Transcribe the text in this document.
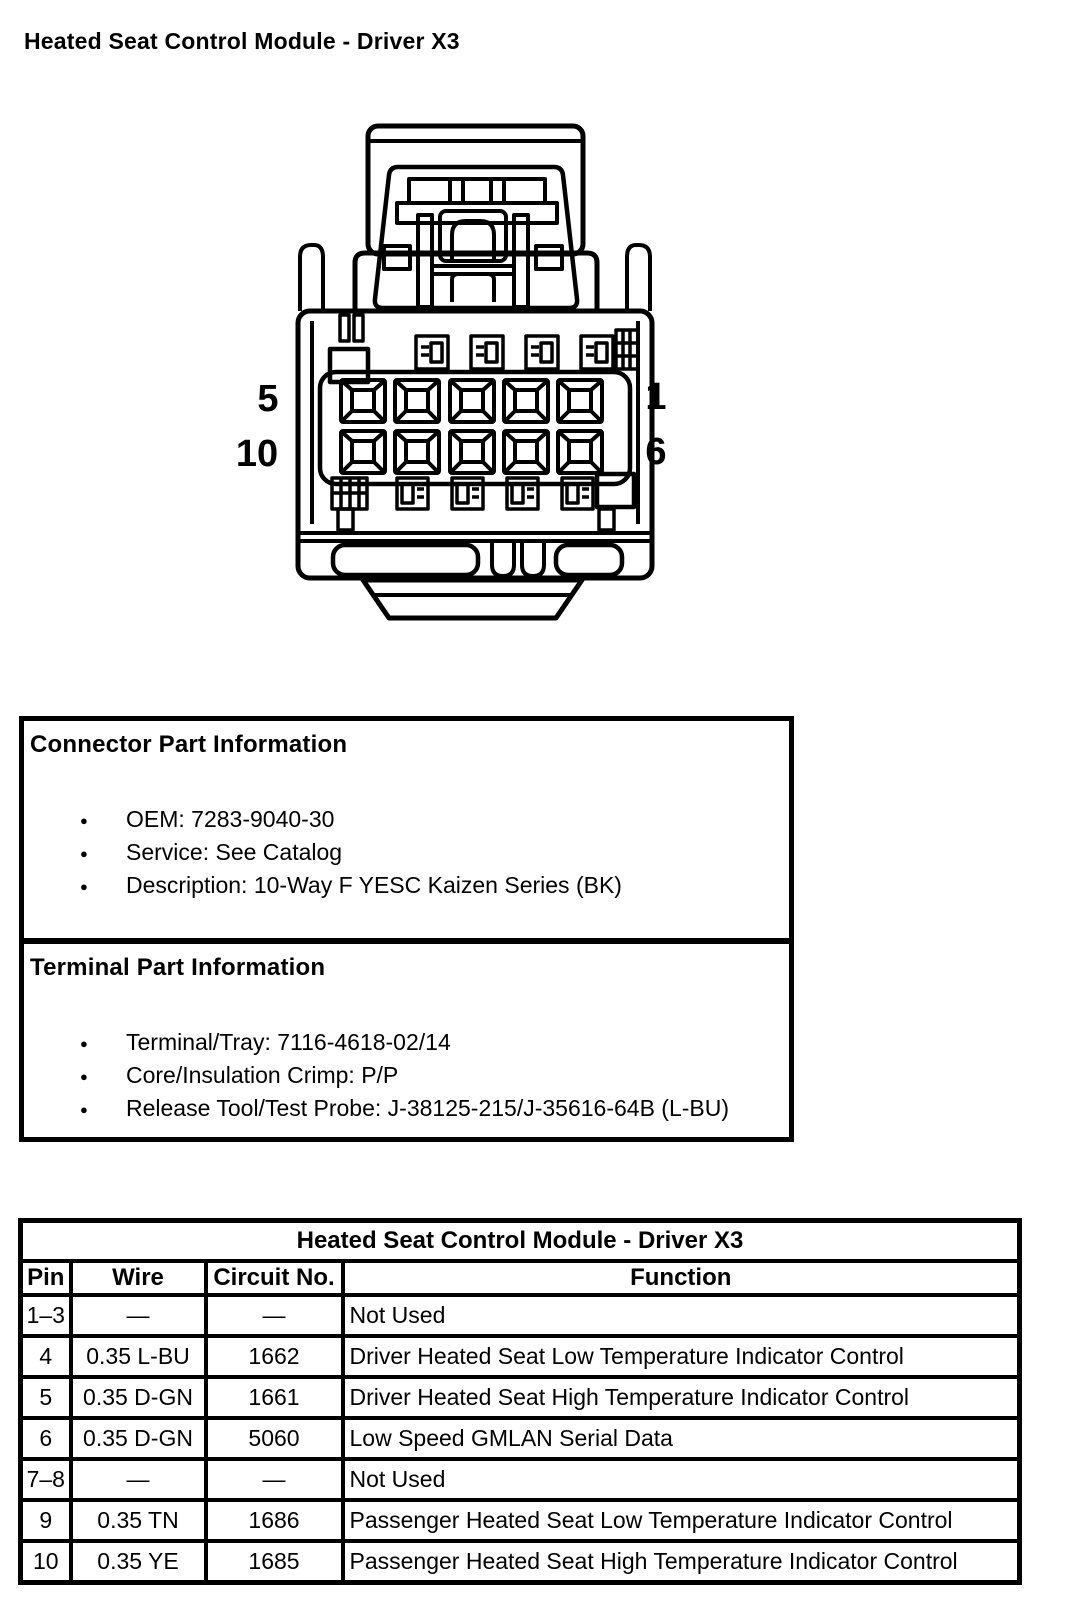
Heated Seat Control Module - Driver X3
5
10
1
6
Connector Part Information
● OEM: 7283-9040-30
● Service: See Catalog
● Description: 10-Way F YESC Kaizen Series (BK)
Terminal Part Information
● Terminal/Tray: 7116-4618-02/14
● Core/Insulation Crimp: P/P
● Release Tool/Test Probe: J-38125-215/J-35616-64B (L-BU)
Heated Seat Control Module - Driver X3			
Pin	Wire	Circuit No.	Function
1–3	—	—	Not Used
4	0.35 L-BU	1662	Driver Heated Seat Low Temperature Indicator Control
5	0.35 D-GN	1661	Driver Heated Seat High Temperature Indicator Control
6	0.35 D-GN	5060	Low Speed GMLAN Serial Data
7–8	—	—	Not Used
9	0.35 TN	1686	Passenger Heated Seat Low Temperature Indicator Control
10	0.35 YE	1685	Passenger Heated Seat High Temperature Indicator Control
